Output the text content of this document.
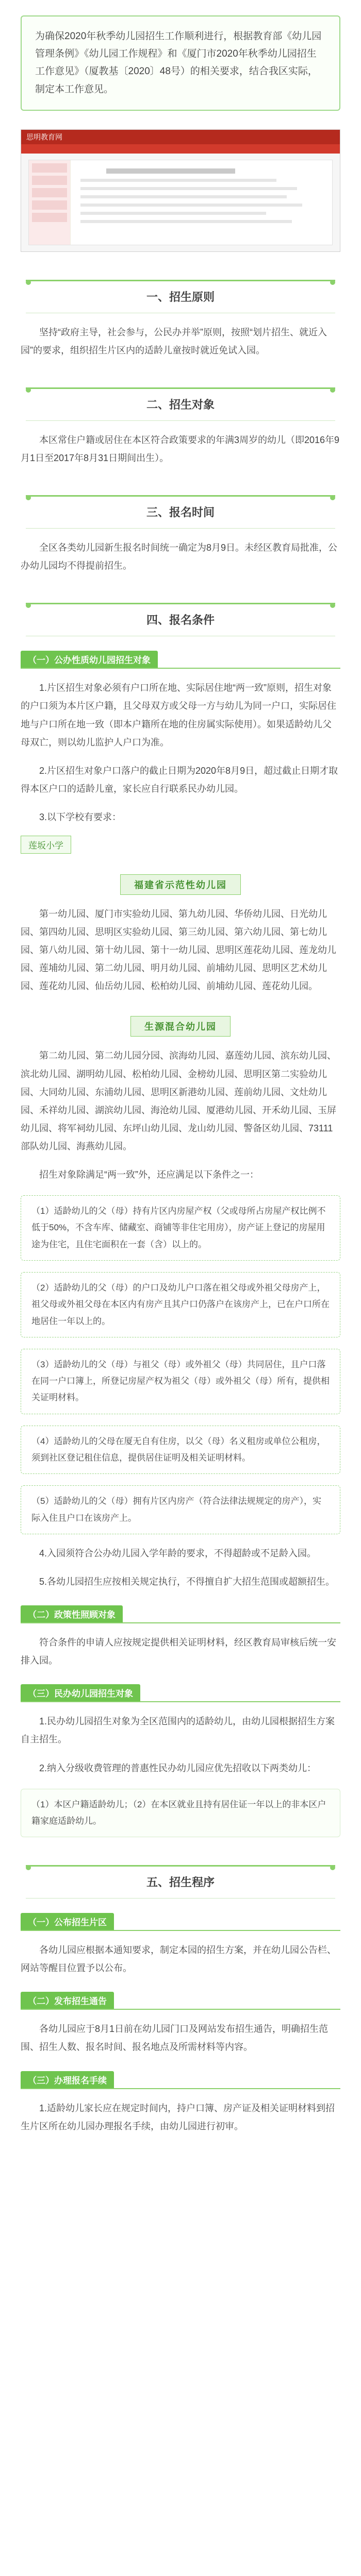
为确保2020年秋季幼儿园招生工作顺利进行，根据教育部《幼儿园管理条例》《幼儿园工作规程》和《厦门市2020年秋季幼儿园招生工作意见》（厦教基〔2020〕48号）的相关要求，结合我区实际，制定本工作意见。
思明教育网
一、招生原则
坚持“政府主导，社会参与，公民办并举”原则，按照“划片招生、就近入园”的要求，组织招生片区内的适龄儿童按时就近免试入园。
二、招生对象
本区常住户籍或居住在本区符合政策要求的年满3周岁的幼儿（即2016年9月1日至2017年8月31日期间出生）。
三、报名时间
全区各类幼儿园新生报名时间统一确定为8月9日。未经区教育局批准，公办幼儿园均不得提前招生。
四、报名条件
（一）公办性质幼儿园招生对象
1.片区招生对象必须有户口所在地、实际居住地“两一致”原则，招生对象的户口须为本片区户籍，且父母双方或父母一方与幼儿为同一户口，实际居住地与户口所在地一致（即本户籍所在地的住房属实际使用）。如果适龄幼儿父母双亡，则以幼儿监护人户口为准。
2.片区招生对象户口落户的截止日期为2020年8月9日，超过截止日期才取得本区户口的适龄儿童，家长应自行联系民办幼儿园。
3.以下学校有要求：
莲坂小学
福建省示范性幼儿园
第一幼儿园、厦门市实验幼儿园、第九幼儿园、华侨幼儿园、日光幼儿园、第四幼儿园、思明区实验幼儿园、第三幼儿园、第六幼儿园、第七幼儿园、第八幼儿园、第十幼儿园、第十一幼儿园、思明区莲花幼儿园、莲龙幼儿园、莲埔幼儿园、第二幼儿园、明月幼儿园、前埔幼儿园、思明区艺术幼儿园、莲花幼儿园、仙岳幼儿园、松柏幼儿园、前埔幼儿园、莲花幼儿园。
生源混合幼儿园
第二幼儿园、第二幼儿园分园、滨海幼儿园、嘉莲幼儿园、滨东幼儿园、滨北幼儿园、湖明幼儿园、松柏幼儿园、金榜幼儿园、思明区第二实验幼儿园、大同幼儿园、东浦幼儿园、思明区新港幼儿园、莲前幼儿园、文灶幼儿园、禾祥幼儿园、湖滨幼儿园、海沧幼儿园、厦港幼儿园、开禾幼儿园、玉屏幼儿园、将军祠幼儿园、东坪山幼儿园、龙山幼儿园、警备区幼儿园、73111部队幼儿园、海燕幼儿园。
招生对象除满足“两一致”外，还应满足以下条件之一：
（1）适龄幼儿的父（母）持有片区内房屋产权（父或母所占房屋产权比例不低于50%，不含车库、储藏室、商铺等非住宅用房），房产证上登记的房屋用途为住宅，且住宅面积在一套（含）以上的。
（2）适龄幼儿的父（母）的户口及幼儿户口落在祖父母或外祖父母房产上，祖父母或外祖父母在本区内有房产且其户口仍落户在该房产上，已在户口所在地居住一年以上的。
（3）适龄幼儿的父（母）与祖父（母）或外祖父（母）共同居住，且户口落在同一户口簿上，所登记房屋产权为祖父（母）或外祖父（母）所有，提供相关证明材料。
（4）适龄幼儿的父母在厦无自有住房，以父（母）名义租房或单位公租房，须到社区登记租住信息，提供居住证明及相关证明材料。
（5）适龄幼儿的父（母）拥有片区内房产（符合法律法规规定的房产），实际入住且户口在该房产上。
4.入园须符合公办幼儿园入学年龄的要求，不得超龄或不足龄入园。
5.各幼儿园招生应按相关规定执行，不得擅自扩大招生范围或超额招生。
（二）政策性照顾对象
符合条件的申请人应按规定提供相关证明材料，经区教育局审核后统一安排入园。
（三）民办幼儿园招生对象
1.民办幼儿园招生对象为全区范围内的适龄幼儿，由幼儿园根据招生方案自主招生。
2.纳入分级收费管理的普惠性民办幼儿园应优先招收以下两类幼儿：
（1）本区户籍适龄幼儿；（2）在本区就业且持有居住证一年以上的非本区户籍家庭适龄幼儿。
五、招生程序
（一）公布招生片区
各幼儿园应根据本通知要求，制定本园的招生方案，并在幼儿园公告栏、网站等醒目位置予以公布。
（二）发布招生通告
各幼儿园应于8月1日前在幼儿园门口及网站发布招生通告，明确招生范围、招生人数、报名时间、报名地点及所需材料等内容。
（三）办理报名手续
1.适龄幼儿家长应在规定时间内，持户口簿、房产证及相关证明材料到招生片区所在幼儿园办理报名手续，由幼儿园进行初审。
